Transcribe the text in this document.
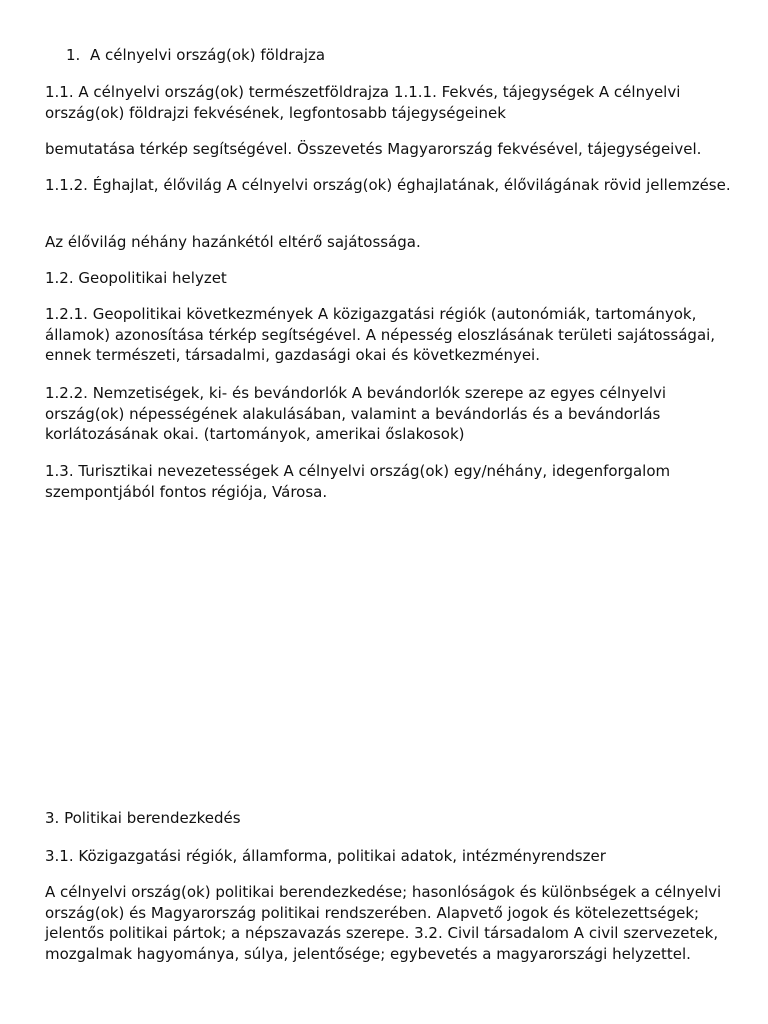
1. A célnyelvi ország(ok) földrajza

1.1. A célnyelvi ország(ok) természetföldrajza 1.1.1. Fekvés, tájegységek A célnyelvi ország(ok) földrajzi fekvésének, legfontosabb tájegységeinek

bemutatása térkép segítségével. Összevetés Magyarország fekvésével, tájegységeivel.

1.1.2. Éghajlat, élővilág A célnyelvi ország(ok) éghajlatának, élővilágának rövid jellemzése.

Az élővilág néhány hazánkétól eltérő sajátossága.

1.2. Geopolitikai helyzet

1.2.1. Geopolitikai következmények A közigazgatási régiók (autonómiák, tartományok, államok) azonosítása térkép segítségével. A népesség eloszlásának területi sajátosságai, ennek természeti, társadalmi, gazdasági okai és következményei.

1.2.2. Nemzetiségek, ki- és bevándorlók A bevándorlók szerepe az egyes célnyelvi ország(ok) népességének alakulásában, valamint a bevándorlás és a bevándorlás korlátozásának okai. (tartományok, amerikai őslakosok)

1.3. Turisztikai nevezetességek A célnyelvi ország(ok) egy/néhány, idegenforgalom szempontjából fontos régiója, Városa.

3. Politikai berendezkedés

3.1. Közigazgatási régiók, államforma, politikai adatok, intézményrendszer

A célnyelvi ország(ok) politikai berendezkedése; hasonlóságok és különbségek a célnyelvi ország(ok) és Magyarország politikai rendszerében. Alapvető jogok és kötelezettségek; jelentős politikai pártok; a népszavazás szerepe. 3.2. Civil társadalom A civil szervezetek, mozgalmak hagyománya, súlya, jelentősége; egybevetés a magyarországi helyzettel.
